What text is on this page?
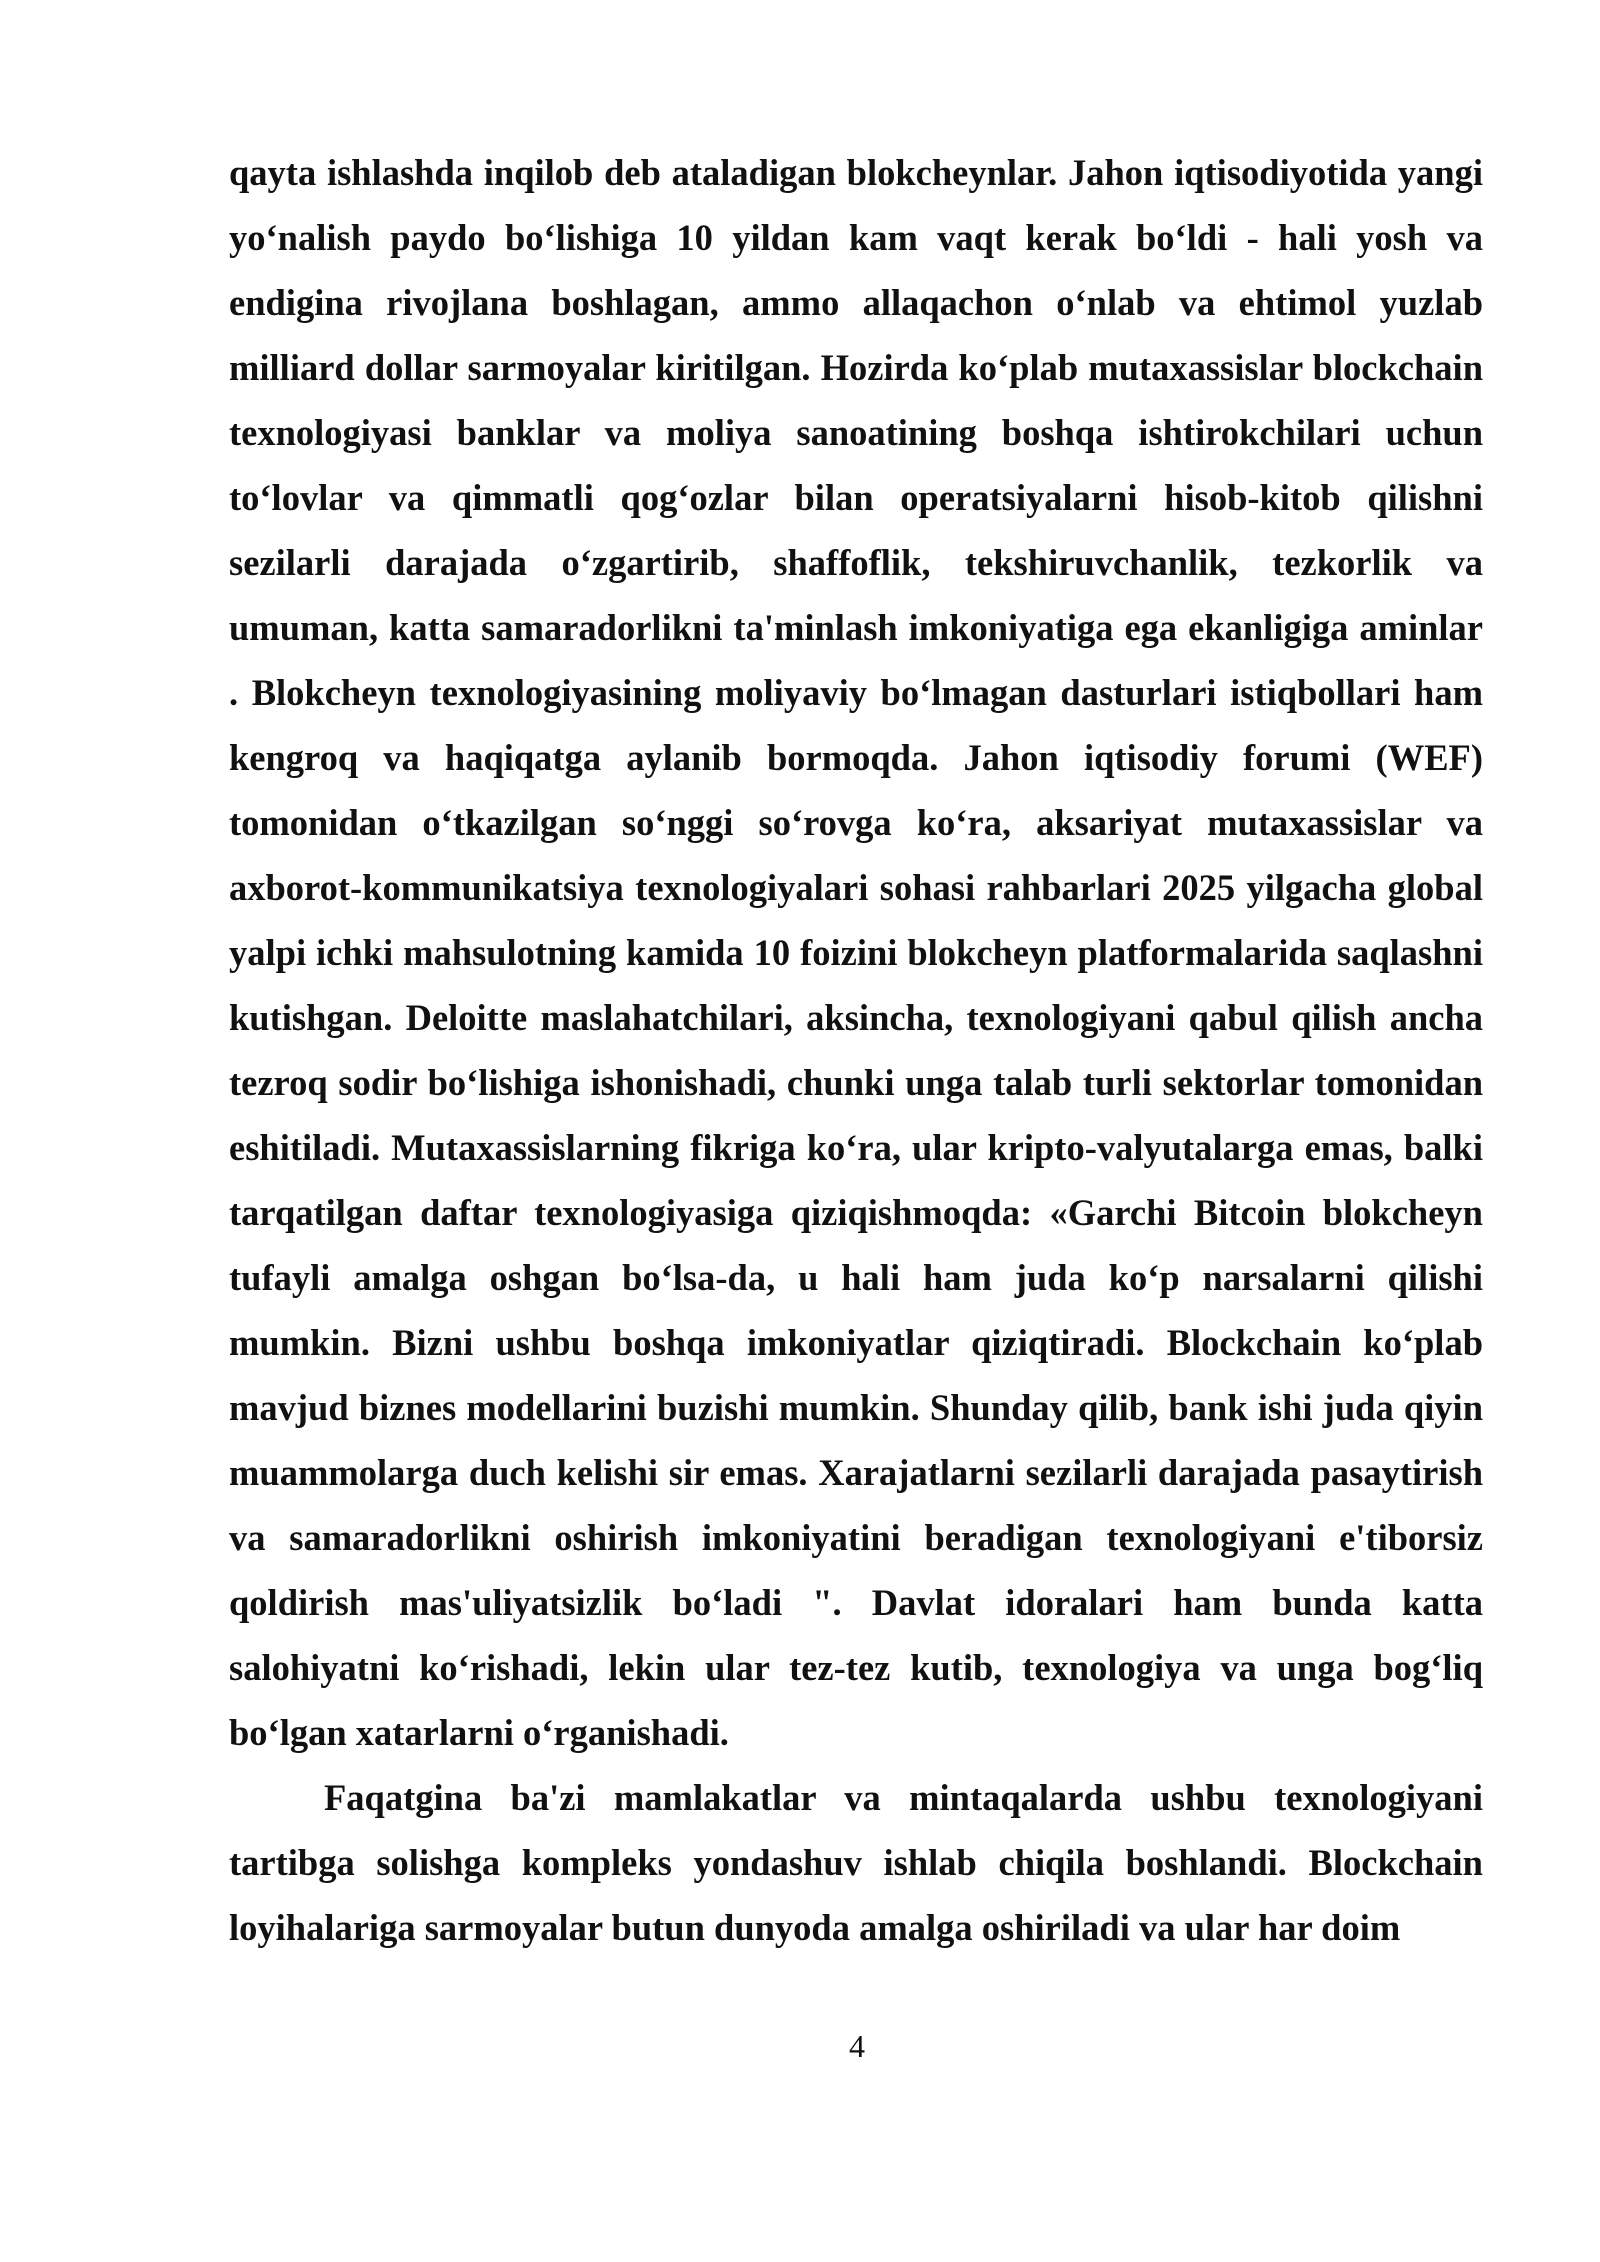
qayta ishlashda inqilob deb ataladigan blokcheynlar. Jahon iqtisodiyotida yangi yo‘nalish paydo bo‘lishiga 10 yildan kam vaqt kerak bo‘ldi - hali yosh va endigina rivojlana boshlagan, ammo allaqachon o‘nlab va ehtimol yuzlab milliard dollar sarmoyalar kiritilgan. Hozirda ko‘plab mutaxassislar blockchain texnologiyasi banklar va moliya sanoatining boshqa ishtirokchilari uchun to‘lovlar va qimmatli qog‘ozlar bilan operatsiyalarni hisob-kitob qilishni sezilarli darajada o‘zgartirib, shaffoflik, tekshiruvchanlik, tezkorlik va umuman, katta samaradorlikni ta'minlash imkoniyatiga ega ekanligiga aminlar . Blokcheyn texnologiyasining moliyaviy bo‘lmagan dasturlari istiqbollari ham kengroq va haqiqatga aylanib bormoqda. Jahon iqtisodiy forumi (WEF) tomonidan o‘tkazilgan so‘nggi so‘rovga ko‘ra, aksariyat mutaxassislar va axborot-kommunikatsiya texnologiyalari sohasi rahbarlari 2025 yilgacha global yalpi ichki mahsulotning kamida 10 foizini blokcheyn platformalarida saqlashni kutishgan. Deloitte maslahatchilari, aksincha, texnologiyani qabul qilish ancha tezroq sodir bo‘lishiga ishonishadi, chunki unga talab turli sektorlar tomonidan eshitiladi. Mutaxassislarning fikriga ko‘ra, ular kripto-valyutalarga emas, balki tarqatilgan daftar texnologiyasiga qiziqishmoqda: «Garchi Bitcoin blokcheyn tufayli amalga oshgan bo‘lsa-da, u hali ham juda ko‘p narsalarni qilishi mumkin. Bizni ushbu boshqa imkoniyatlar qiziqtiradi. Blockchain ko‘plab mavjud biznes modellarini buzishi mumkin. Shunday qilib, bank ishi juda qiyin muammolarga duch kelishi sir emas. Xarajatlarni sezilarli darajada pasaytirish va samaradorlikni oshirish imkoniyatini beradigan texnologiyani e'tiborsiz qoldirish mas'uliyatsizlik bo‘ladi ". Davlat idoralari ham bunda katta salohiyatni ko‘rishadi, lekin ular tez-tez kutib, texnologiya va unga bog‘liq bo‘lgan xatarlarni o‘rganishadi.

Faqatgina ba'zi mamlakatlar va mintaqalarda ushbu texnologiyani tartibga solishga kompleks yondashuv ishlab chiqila boshlandi. Blockchain loyihalariga sarmoyalar butun dunyoda amalga oshiriladi va ular har doim

4
